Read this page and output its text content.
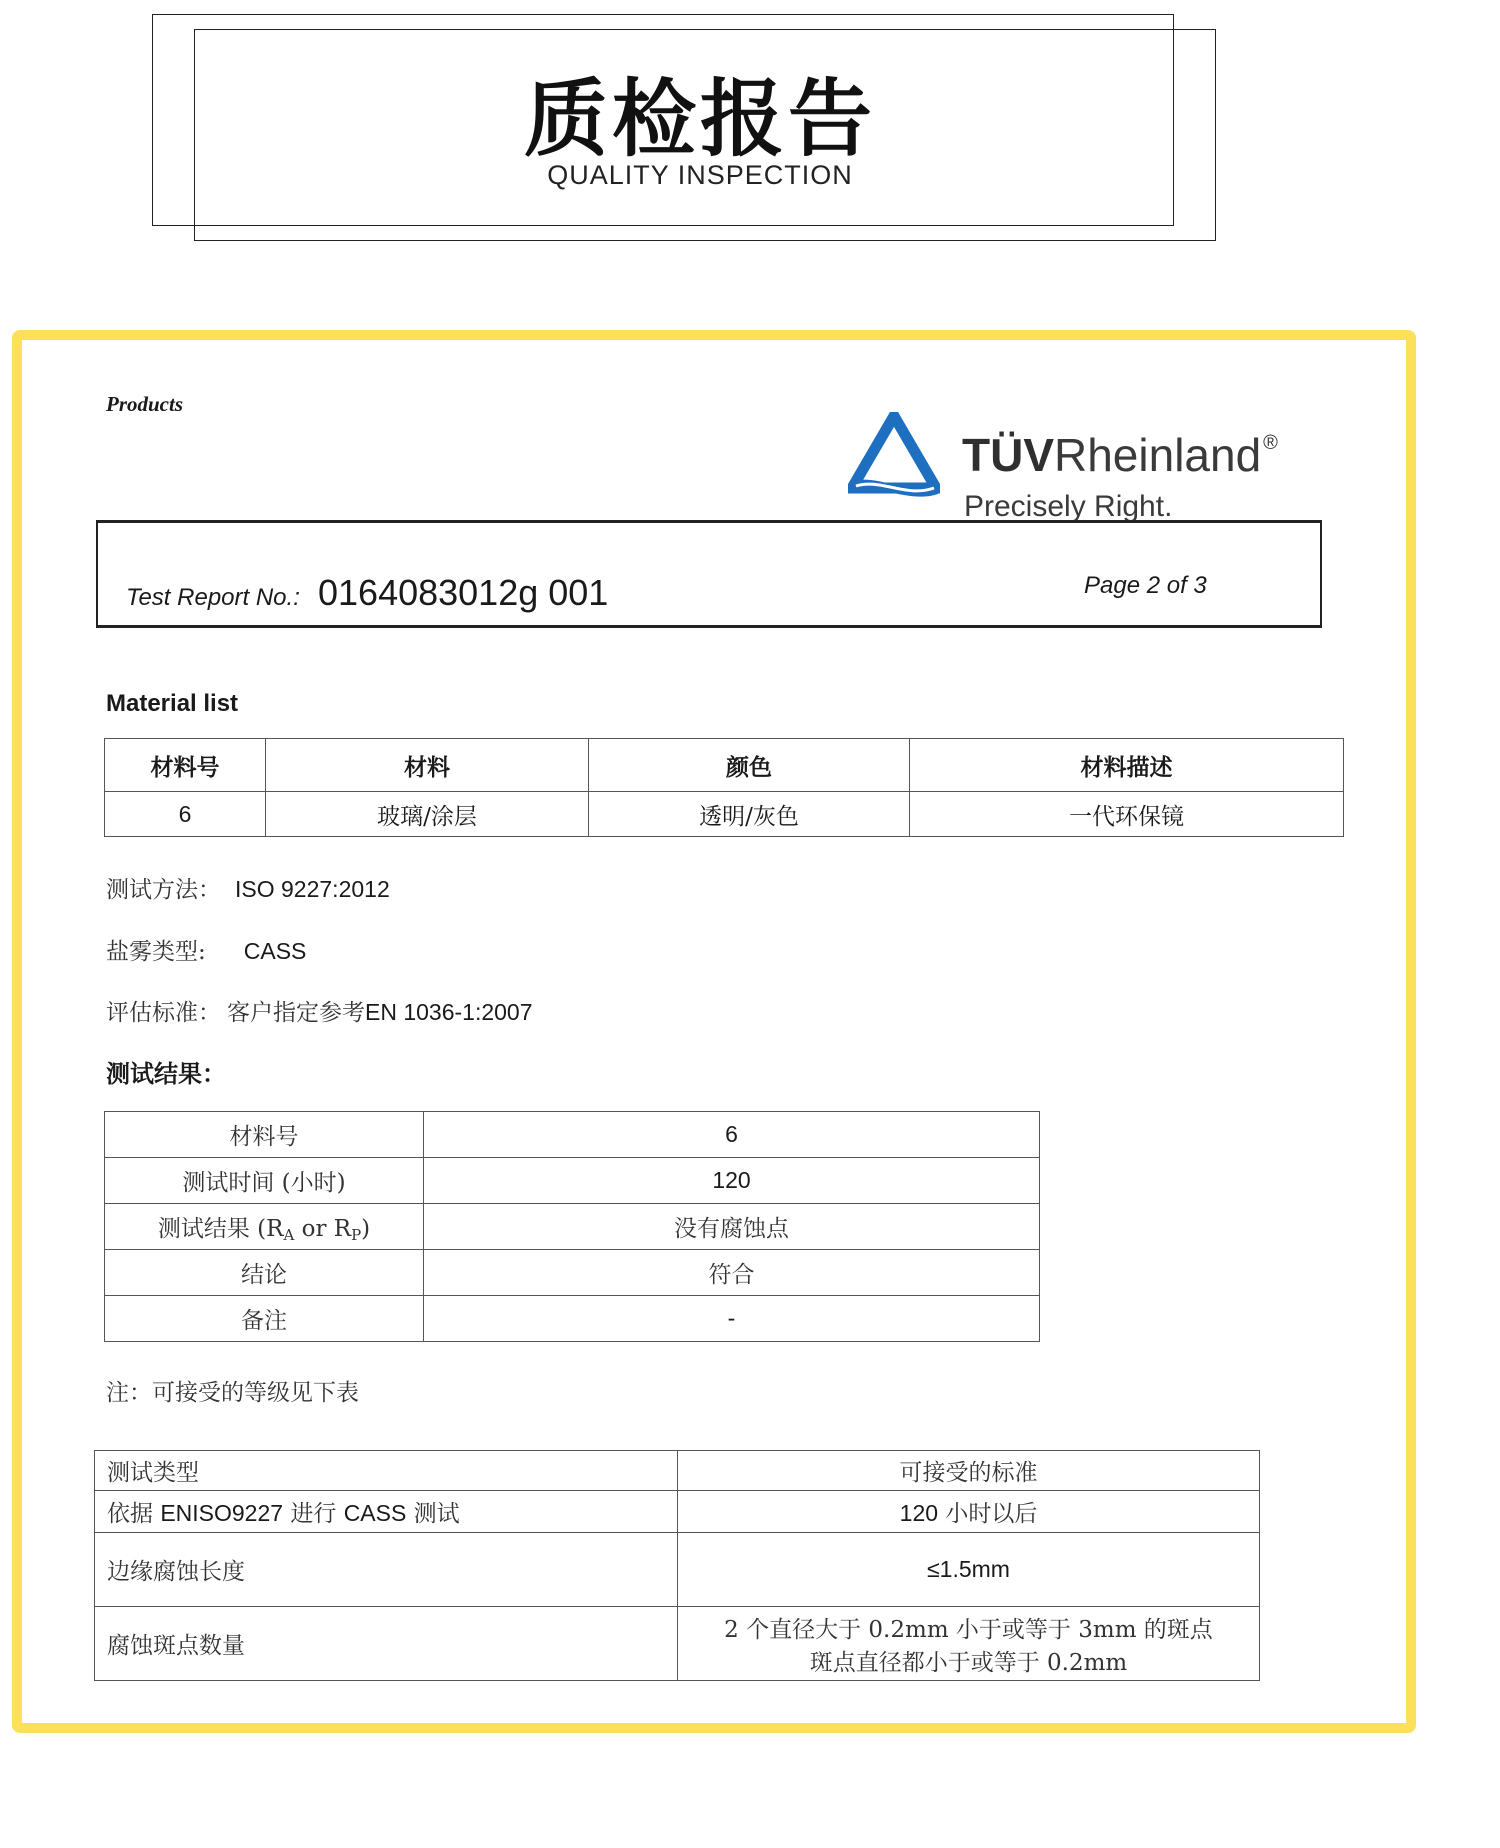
质检报告
QUALITY INSPECTION
Products
TÜVRheinland ®
Precisely Right.
Test Report No.: 0164083012g 001	Page 2 of 3
Material list
材料号	材料	颜色	材料描述
6	玻璃/涂层	透明/灰色	一代环保镜
测试方法： ISO 9227:2012
盐雾类型: CASS
评估标准： 客户指定参考EN 1036-1:2007
测试结果：
材料号	6
测试时间 (小时)	120
测试结果 ($R_A$ or $R_P$)	没有腐蚀点
结论	符合
备注	-
注：可接受的等级见下表
测试类型	可接受的标准
依据 ENISO9227 进行 CASS 测试	120 小时以后
边缘腐蚀长度	≤1.5mm
腐蚀斑点数量	2 个直径大于 0.2mm 小于或等于 3mm 的斑点
斑点直径都小于或等于 0.2mm
